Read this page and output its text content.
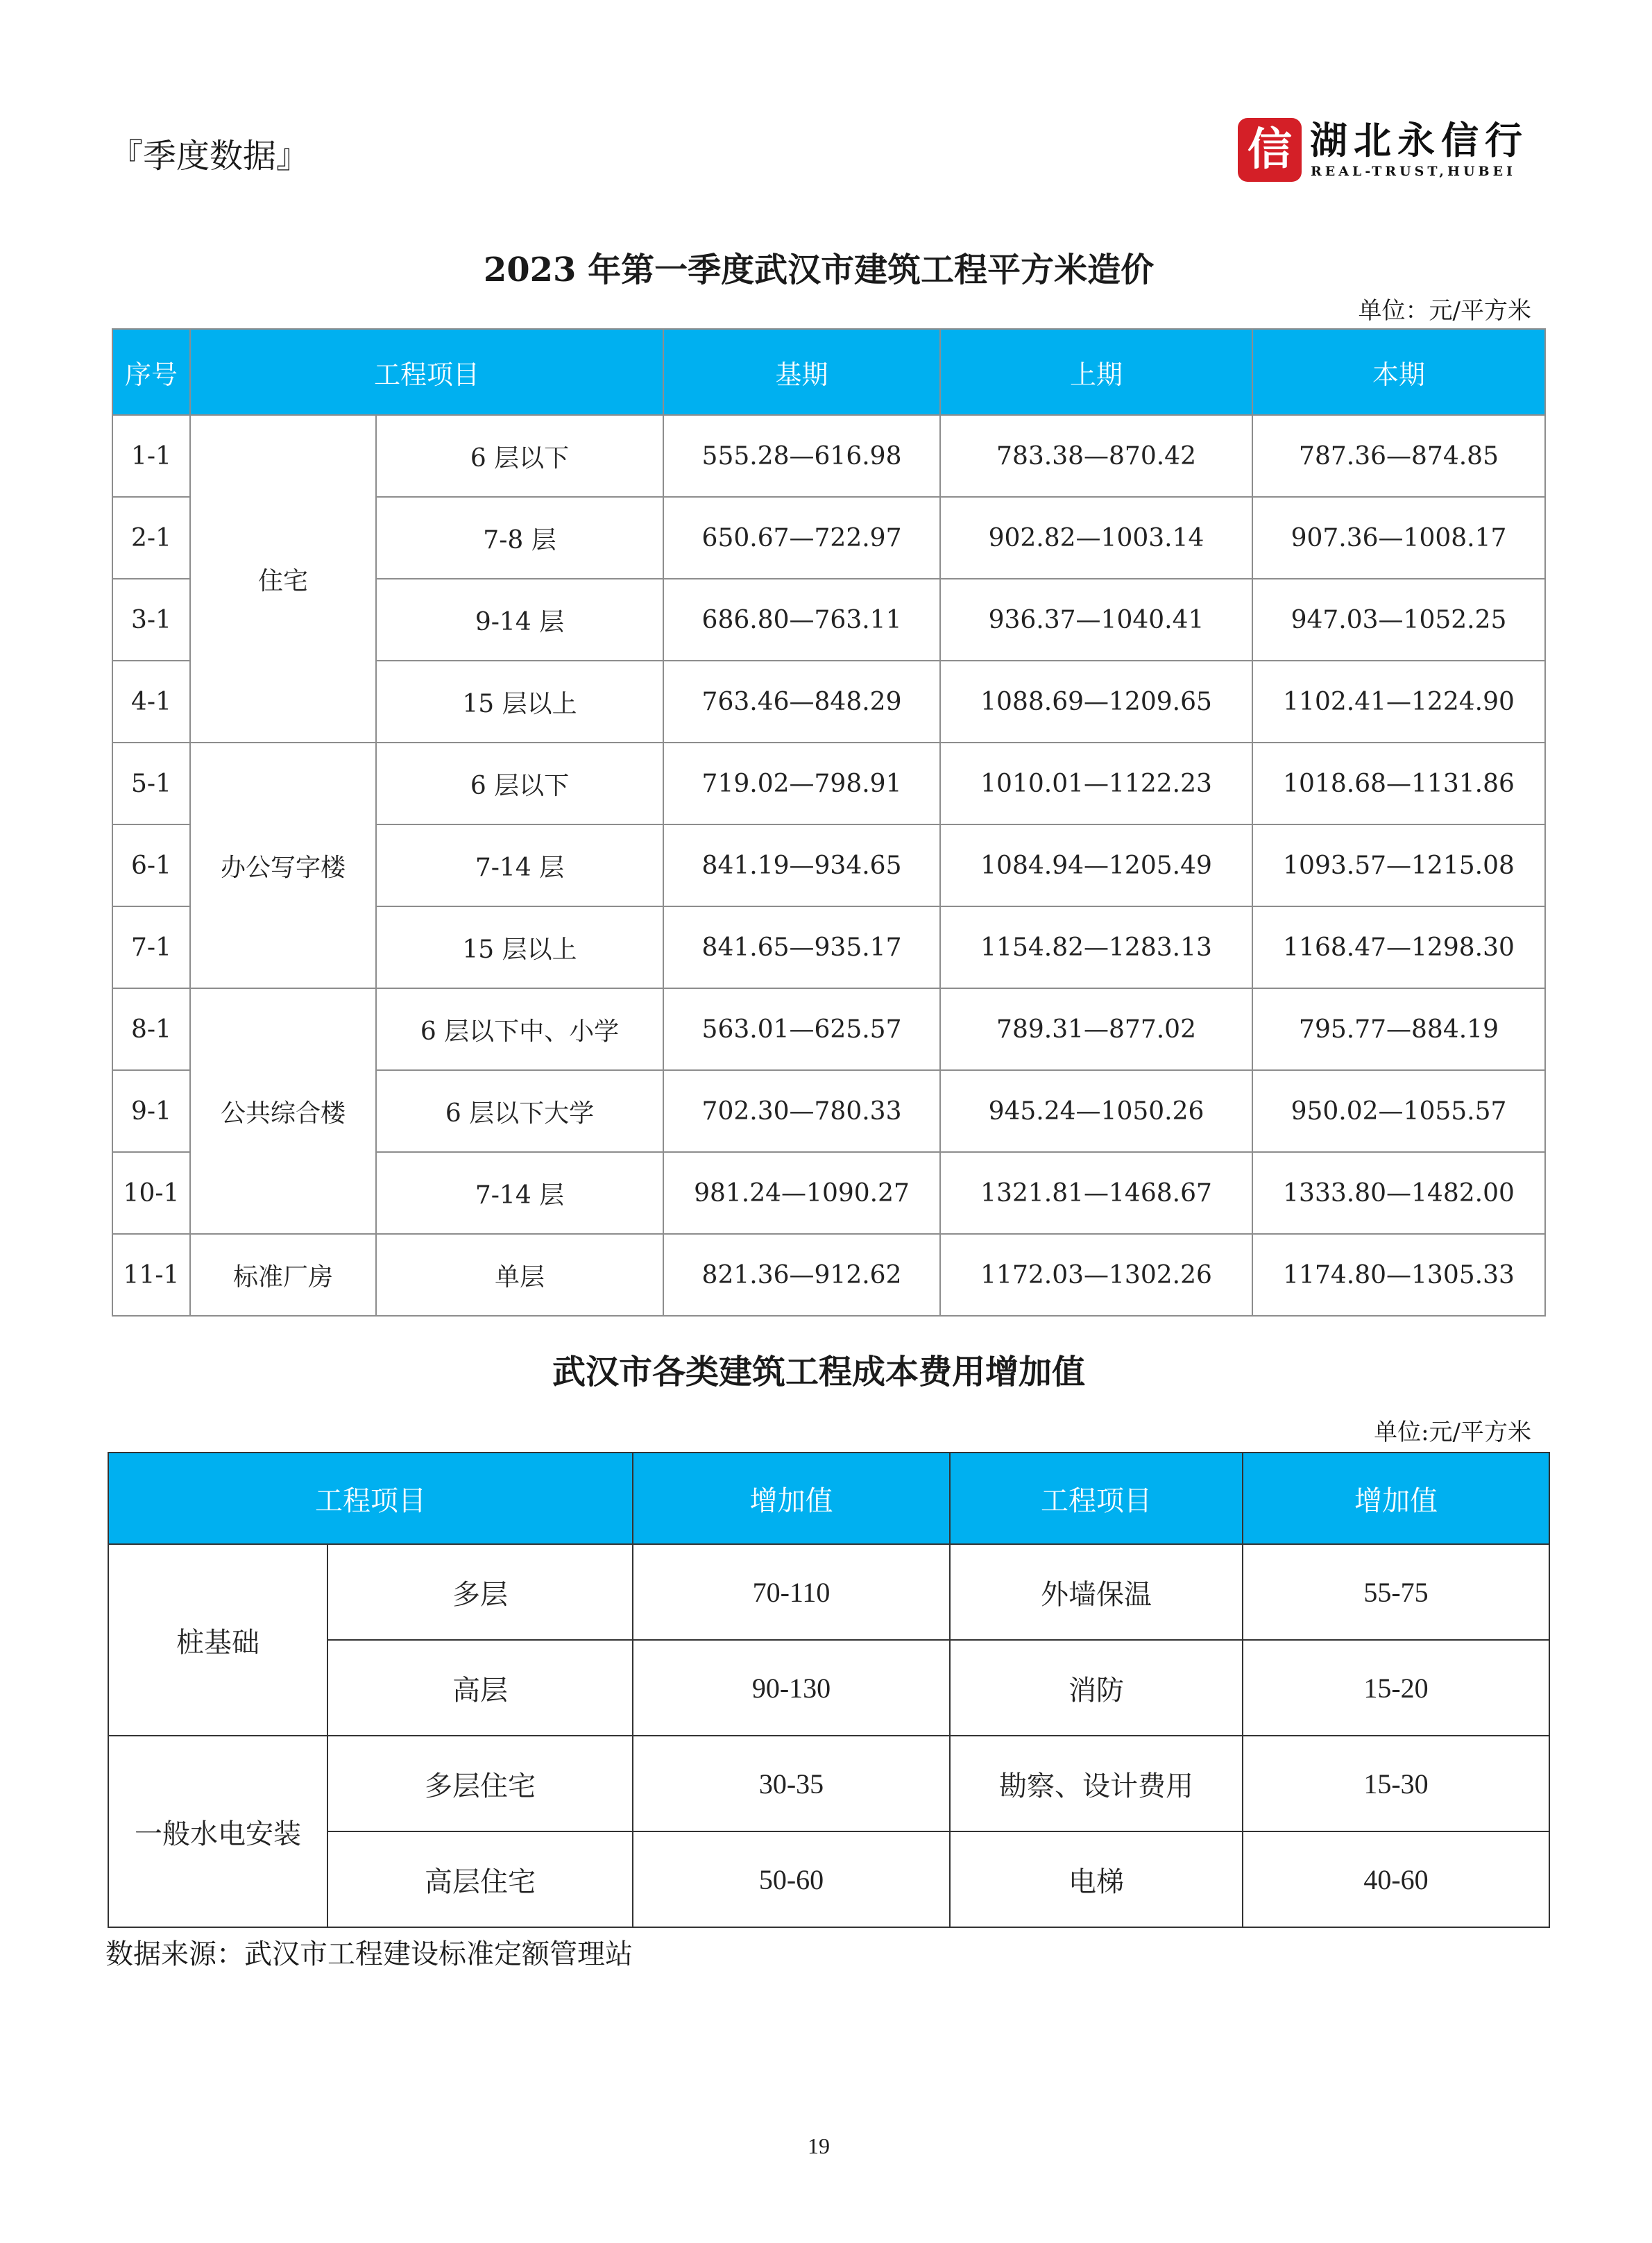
『季度数据』	信 湖北永信行
REAL-TRUST,HUBEI
2023 年第一季度武汉市建筑工程平方米造价
单位：元/平方米
序号	工程项目		基期	上期	本期
1-1	住宅	6 层以下	555.28—616.98	783.38—870.42	787.36—874.85
2-1		7-8 层	650.67—722.97	902.82—1003.14	907.36—1008.17
3-1		9-14 层	686.80—763.11	936.37—1040.41	947.03—1052.25
4-1		15 层以上	763.46—848.29	1088.69—1209.65	1102.41—1224.90
5-1	办公写字楼	6 层以下	719.02—798.91	1010.01—1122.23	1018.68—1131.86
6-1		7-14 层	841.19—934.65	1084.94—1205.49	1093.57—1215.08
7-1		15 层以上	841.65—935.17	1154.82—1283.13	1168.47—1298.30
8-1	公共综合楼	6 层以下中、小学	563.01—625.57	789.31—877.02	795.77—884.19
9-1		6 层以下大学	702.30—780.33	945.24—1050.26	950.02—1055.57
10-1		7-14 层	981.24—1090.27	1321.81—1468.67	1333.80—1482.00
11-1	标准厂房	单层	821.36—912.62	1172.03—1302.26	1174.80—1305.33
武汉市各类建筑工程成本费用增加值
单位:元/平方米
工程项目		增加值	工程项目	增加值
桩基础	多层	70-110	外墙保温	55-75
	高层	90-130	消防	15-20
一般水电安装	多层住宅	30-35	勘察、设计费用	15-30
	高层住宅	50-60	电梯	40-60
数据来源：武汉市工程建设标准定额管理站
19
